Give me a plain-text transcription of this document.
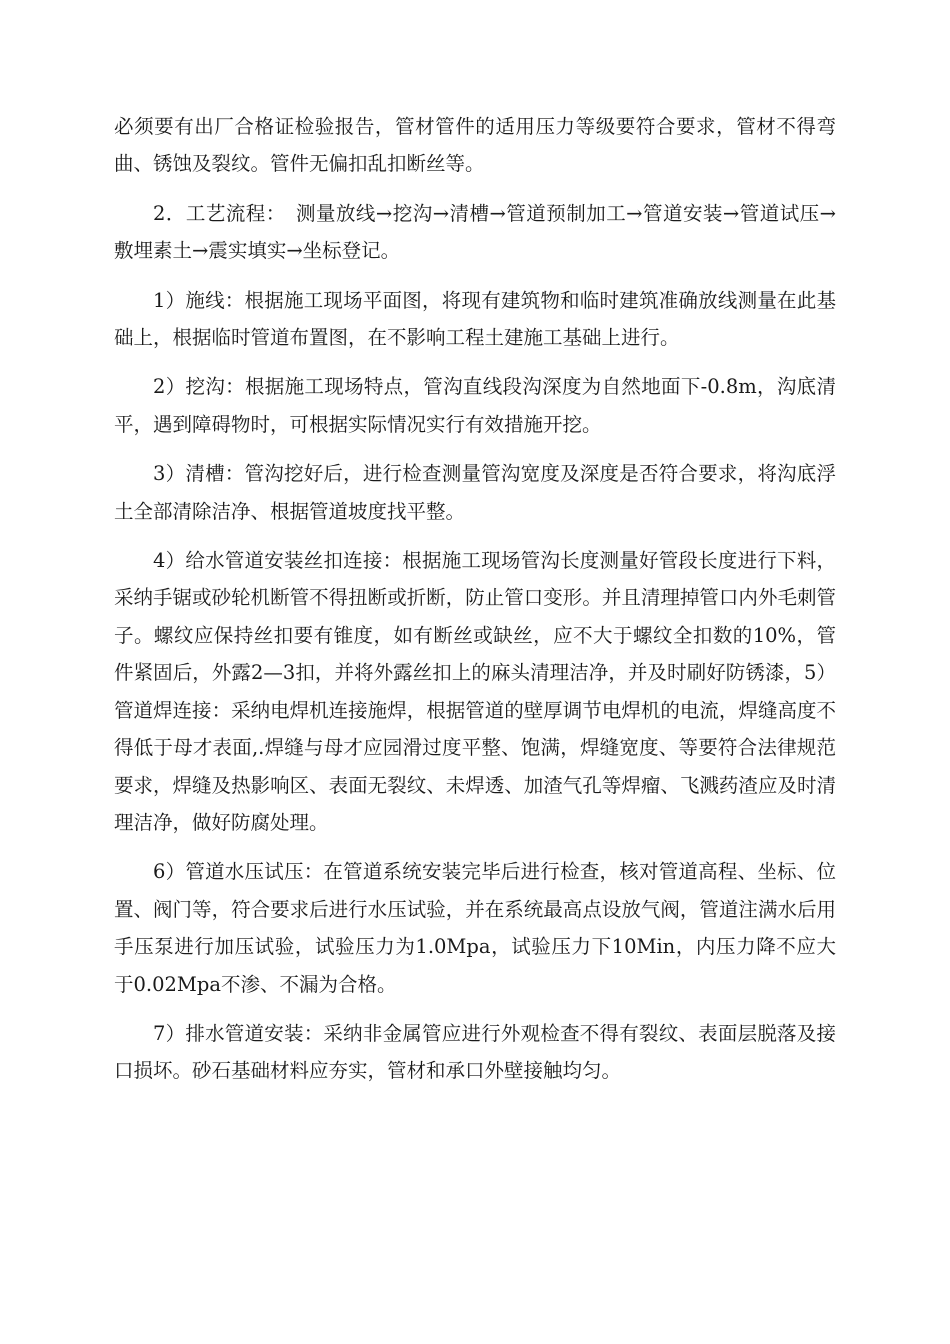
必须要有出厂合格证检验报告，管材管件的适用压力等级要符合要求，管材不得弯曲、锈蚀及裂纹。管件无偏扣乱扣断丝等。

2．工艺流程：　测量放线→挖沟→清槽→管道预制加工→管道安装→管道试压→敷埋素土→震实填实→坐标登记。

1）施线：根据施工现场平面图，将现有建筑物和临时建筑准确放线测量在此基础上，根据临时管道布置图，在不影响工程土建施工基础上进行。

2）挖沟：根据施工现场特点，管沟直线段沟深度为自然地面下-0.8m，沟底清平，遇到障碍物时，可根据实际情况实行有效措施开挖。

3）清槽：管沟挖好后，进行检查测量管沟宽度及深度是否符合要求，将沟底浮土全部清除洁净、根据管道坡度找平整。

4）给水管道安装丝扣连接：根据施工现场管沟长度测量好管段长度进行下料，采纳手锯或砂轮机断管不得扭断或折断，防止管口变形。并且清理掉管口内外毛刺管子。螺纹应保持丝扣要有锥度，如有断丝或缺丝，应不大于螺纹全扣数的10%，管件紧固后，外露2—3扣，并将外露丝扣上的麻头清理洁净，并及时刷好防锈漆，5）管道焊连接：采纳电焊机连接施焊，根据管道的壁厚调节电焊机的电流，焊缝高度不得低于母才表面,.焊缝与母才应园滑过度平整、饱满，焊缝宽度、等要符合法律规范要求，焊缝及热影响区、表面无裂纹、未焊透、加渣气孔等焊瘤、飞溅药渣应及时清理洁净，做好防腐处理。

6）管道水压试压：在管道系统安装完毕后进行检查，核对管道高程、坐标、位置、阀门等，符合要求后进行水压试验，并在系统最高点设放气阀，管道注满水后用手压泵进行加压试验，试验压力为1.0Mpa，试验压力下10Min，内压力降不应大于0.02Mpa不渗、不漏为合格。

7）排水管道安装：采纳非金属管应进行外观检查不得有裂纹、表面层脱落及接口损坏。砂石基础材料应夯实，管材和承口外壁接触均匀。
